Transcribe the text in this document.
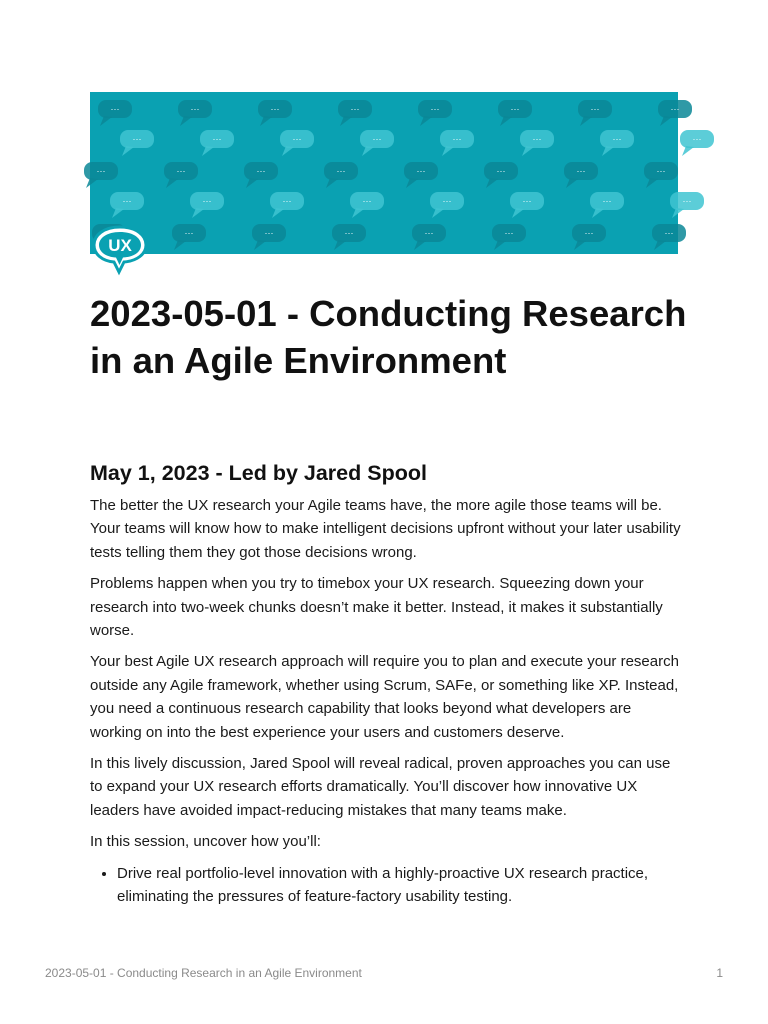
···	···	···	···	···	···	···	···
···	···	···	···	···	···	···	···
···	···	···	···	···	···	···	···
···	···	···	···	···	···	···	···
···	···	···	···	···	···	···
UX
2023-05-01 - Conducting Research in an Agile Environment
May 1, 2023 - Led by Jared Spool

The better the UX research your Agile teams have, the more agile those teams will be. Your teams will know how to make intelligent decisions upfront without your later usability tests telling them they got those decisions wrong.

Problems happen when you try to timebox your UX research. Squeezing down your research into two-week chunks doesn’t make it better. Instead, it makes it substantially worse.

Your best Agile UX research approach will require you to plan and execute your research outside any Agile framework, whether using Scrum, SAFe, or something like XP. Instead, you need a continuous research capability that looks beyond what developers are working on into the best experience your users and customers deserve.

In this lively discussion, Jared Spool will reveal radical, proven approaches you can use to expand your UX research efforts dramatically. You’ll discover how innovative UX leaders have avoided impact-reducing mistakes that many teams make.

In this session, uncover how you’ll:

• Drive real portfolio-level innovation with a highly-proactive UX research practice, eliminating the pressures of feature-factory usability testing.
2023-05-01 - Conducting Research in an Agile Environment	1
